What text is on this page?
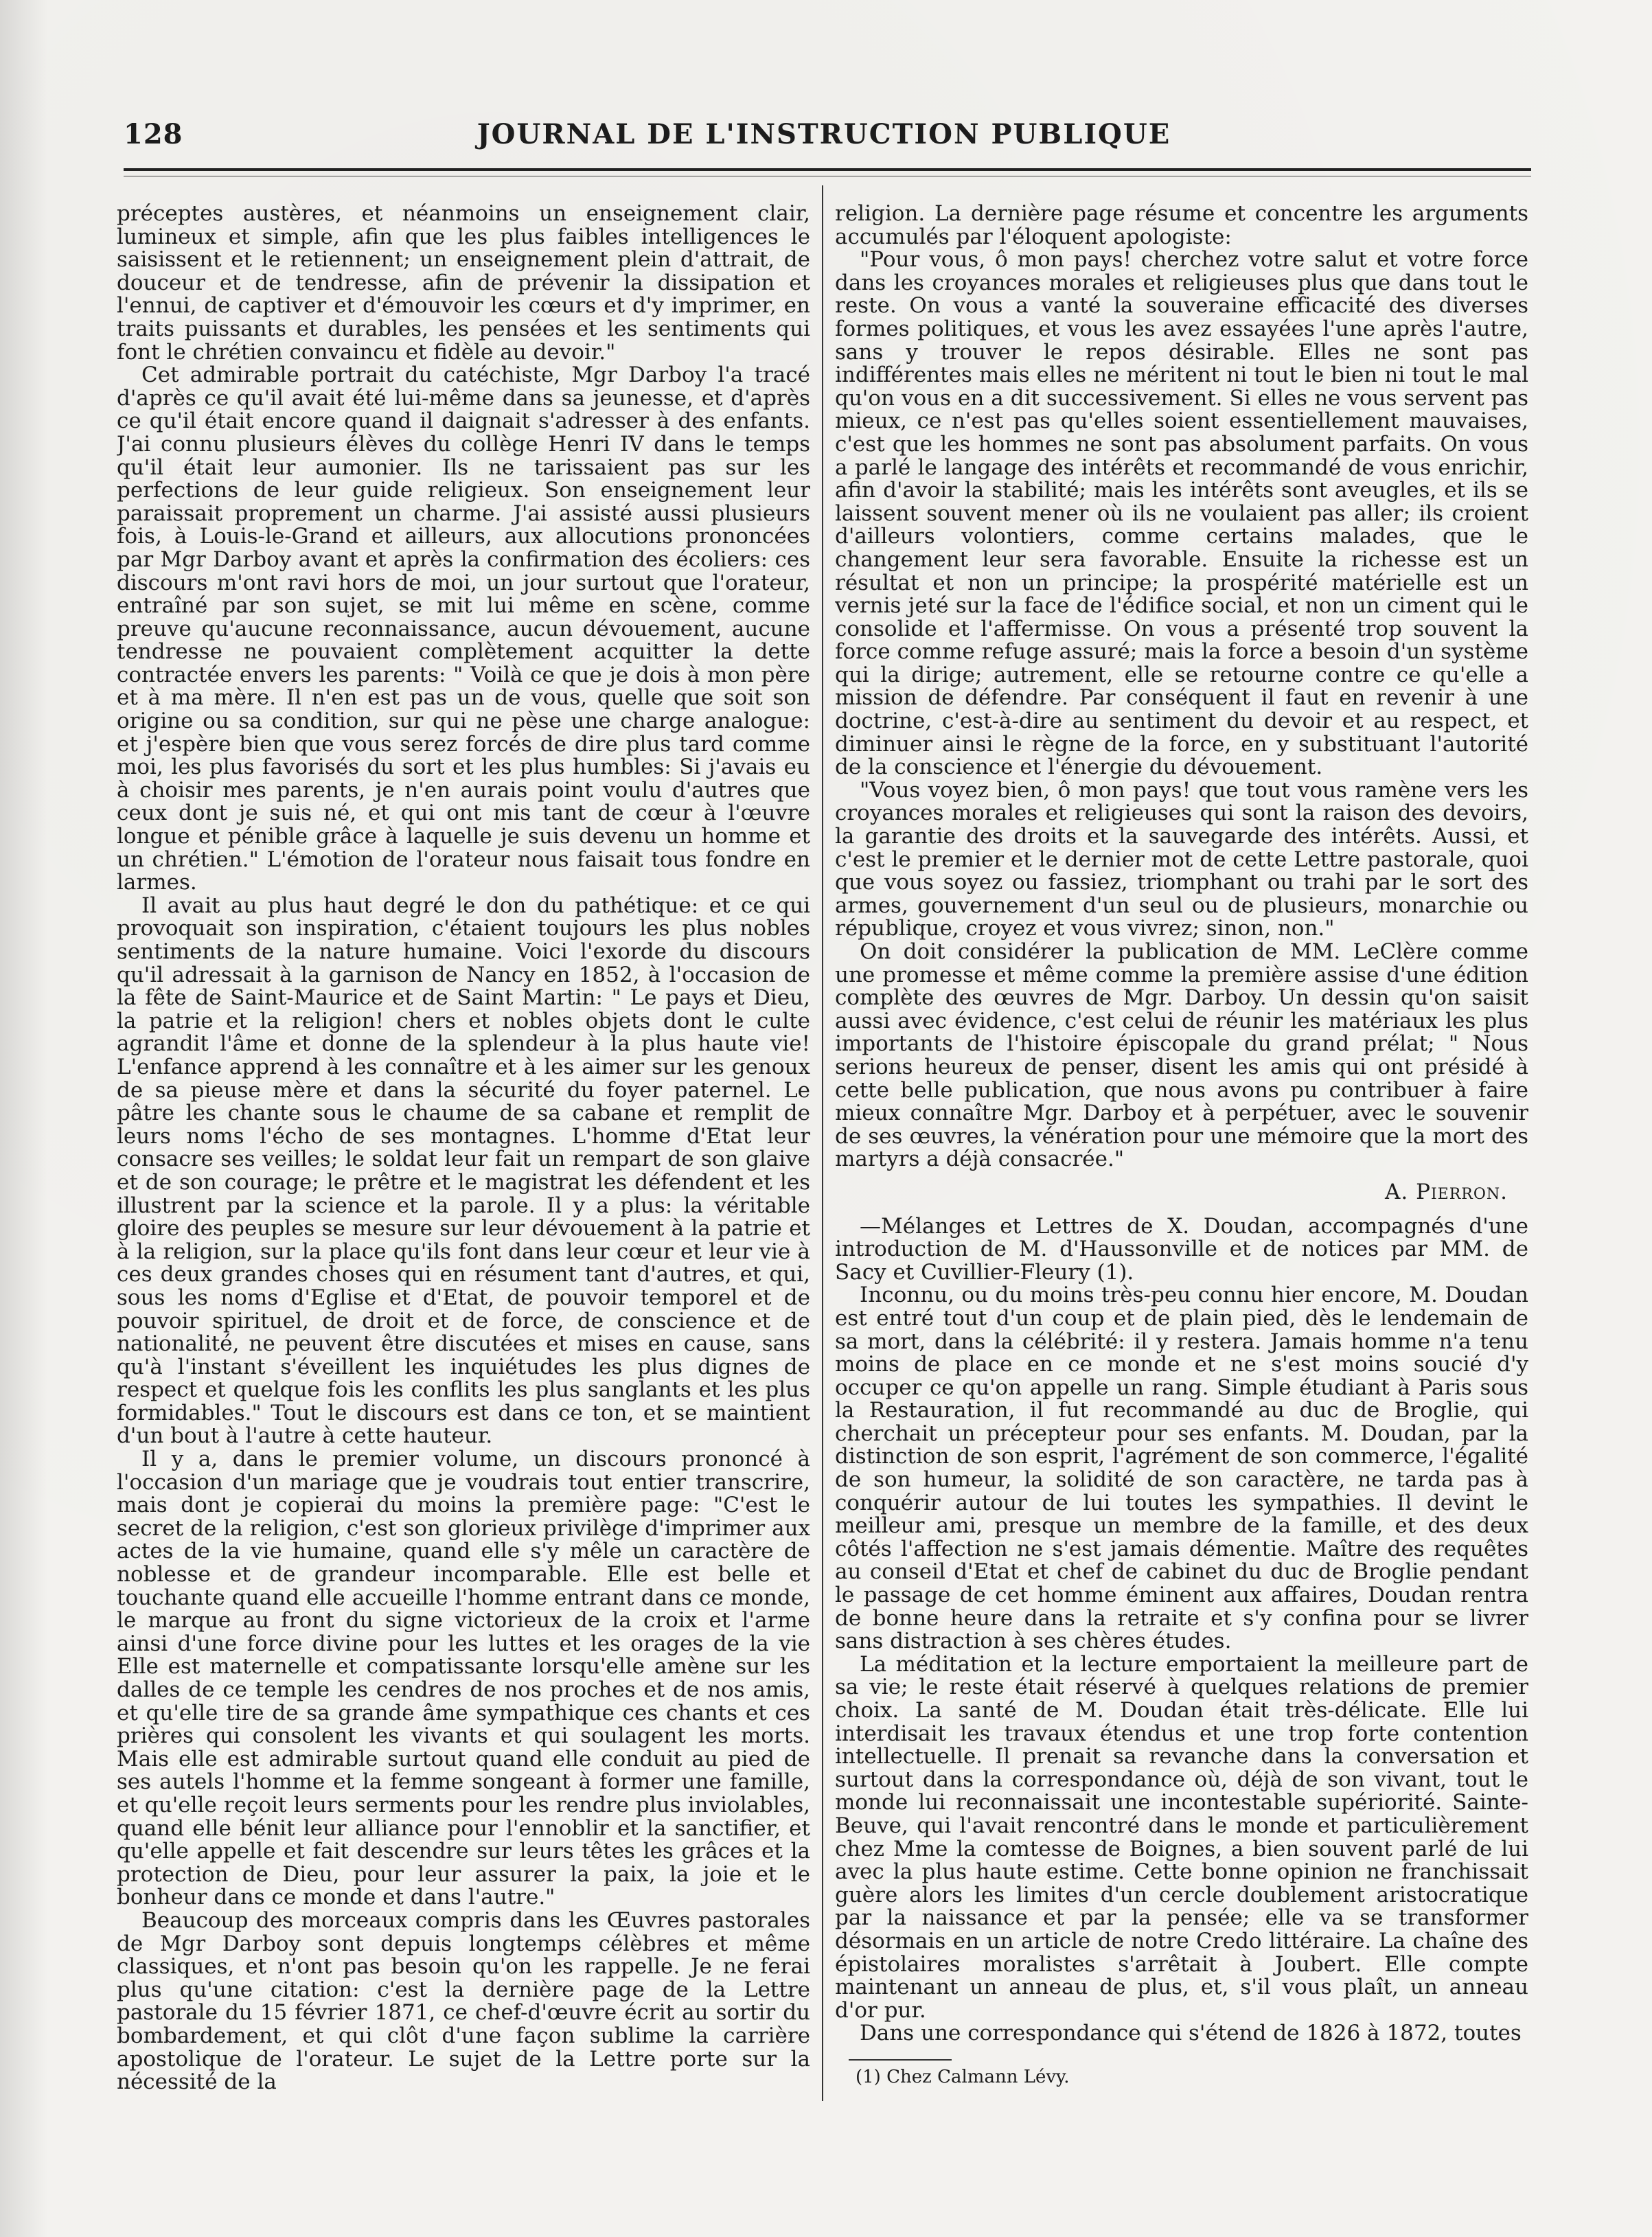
128	JOURNAL DE L'INSTRUCTION PUBLIQUE

préceptes austères, et néanmoins un enseignement clair, lumineux et simple, afin que les plus faibles intelligences le saisissent et le retiennent; un enseignement plein d'attrait, de douceur et de tendresse, afin de prévenir la dissipation et l'ennui, de captiver et d'émouvoir les cœurs et d'y imprimer, en traits puissants et durables, les pensées et les sentiments qui font le chrétien convaincu et fidèle au devoir."

Cet admirable portrait du catéchiste, Mgr Darboy l'a tracé d'après ce qu'il avait été lui-même dans sa jeunesse, et d'après ce qu'il était encore quand il daignait s'adresser à des enfants. J'ai connu plusieurs élèves du collège Henri IV dans le temps qu'il était leur aumonier. Ils ne tarissaient pas sur les perfections de leur guide religieux. Son enseignement leur paraissait proprement un charme. J'ai assisté aussi plusieurs fois, à Louis-le-Grand et ailleurs, aux allocutions prononcées par Mgr Darboy avant et après la confirmation des écoliers: ces discours m'ont ravi hors de moi, un jour surtout que l'orateur, entraîné par son sujet, se mit lui même en scène, comme preuve qu'aucune reconnaissance, aucun dévouement, aucune tendresse ne pouvaient complètement acquitter la dette contractée envers les parents: " Voilà ce que je dois à mon père et à ma mère. Il n'en est pas un de vous, quelle que soit son origine ou sa condition, sur qui ne pèse une charge analogue: et j'espère bien que vous serez forcés de dire plus tard comme moi, les plus favorisés du sort et les plus humbles: Si j'avais eu à choisir mes parents, je n'en aurais point voulu d'autres que ceux dont je suis né, et qui ont mis tant de cœur à l'œuvre longue et pénible grâce à laquelle je suis devenu un homme et un chrétien." L'émotion de l'orateur nous faisait tous fondre en larmes.

Il avait au plus haut degré le don du pathétique: et ce qui provoquait son inspiration, c'étaient toujours les plus nobles sentiments de la nature humaine. Voici l'exorde du discours qu'il adressait à la garnison de Nancy en 1852, à l'occasion de la fête de Saint-Maurice et de Saint Martin: " Le pays et Dieu, la patrie et la religion! chers et nobles objets dont le culte agrandit l'âme et donne de la splendeur à la plus haute vie! L'enfance apprend à les connaître et à les aimer sur les genoux de sa pieuse mère et dans la sécurité du foyer paternel. Le pâtre les chante sous le chaume de sa cabane et remplit de leurs noms l'écho de ses montagnes. L'homme d'Etat leur consacre ses veilles; le soldat leur fait un rempart de son glaive et de son courage; le prêtre et le magistrat les défendent et les illustrent par la science et la parole. Il y a plus: la véritable gloire des peuples se mesure sur leur dévouement à la patrie et à la religion, sur la place qu'ils font dans leur cœur et leur vie à ces deux grandes choses qui en résument tant d'autres, et qui, sous les noms d'Eglise et d'Etat, de pouvoir temporel et de pouvoir spirituel, de droit et de force, de conscience et de nationalité, ne peuvent être discutées et mises en cause, sans qu'à l'instant s'éveillent les inquiétudes les plus dignes de respect et quelque fois les conflits les plus sanglants et les plus formidables." Tout le discours est dans ce ton, et se maintient d'un bout à l'autre à cette hauteur.

Il y a, dans le premier volume, un discours prononcé à l'occasion d'un mariage que je voudrais tout entier transcrire, mais dont je copierai du moins la première page: "C'est le secret de la religion, c'est son glorieux privilège d'imprimer aux actes de la vie humaine, quand elle s'y mêle un caractère de noblesse et de grandeur incomparable. Elle est belle et touchante quand elle accueille l'homme entrant dans ce monde, le marque au front du signe victorieux de la croix et l'arme ainsi d'une force divine pour les luttes et les orages de la vie Elle est maternelle et compatissante lorsqu'elle amène sur les dalles de ce temple les cendres de nos proches et de nos amis, et qu'elle tire de sa grande âme sympathique ces chants et ces prières qui consolent les vivants et qui soulagent les morts. Mais elle est admirable surtout quand elle conduit au pied de ses autels l'homme et la femme songeant à former une famille, et qu'elle reçoit leurs serments pour les rendre plus inviolables, quand elle bénit leur alliance pour l'ennoblir et la sanctifier, et qu'elle appelle et fait descendre sur leurs têtes les grâces et la protection de Dieu, pour leur assurer la paix, la joie et le bonheur dans ce monde et dans l'autre."

Beaucoup des morceaux compris dans les Œuvres pastorales de Mgr Darboy sont depuis longtemps célèbres et même classiques, et n'ont pas besoin qu'on les rappelle. Je ne ferai plus qu'une citation: c'est la dernière page de la Lettre pastorale du 15 février 1871, ce chef-d'œuvre écrit au sortir du bombardement, et qui clôt d'une façon sublime la carrière apostolique de l'orateur. Le sujet de la Lettre porte sur la nécessité de la

religion. La dernière page résume et concentre les arguments accumulés par l'éloquent apologiste:

"Pour vous, ô mon pays! cherchez votre salut et votre force dans les croyances morales et religieuses plus que dans tout le reste. On vous a vanté la souveraine efficacité des diverses formes politiques, et vous les avez essayées l'une après l'autre, sans y trouver le repos désirable. Elles ne sont pas indifférentes mais elles ne méritent ni tout le bien ni tout le mal qu'on vous en a dit successivement. Si elles ne vous servent pas mieux, ce n'est pas qu'elles soient essentiellement mauvaises, c'est que les hommes ne sont pas absolument parfaits. On vous a parlé le langage des intérêts et recommandé de vous enrichir, afin d'avoir la stabilité; mais les intérêts sont aveugles, et ils se laissent souvent mener où ils ne voulaient pas aller; ils croient d'ailleurs volontiers, comme certains malades, que le changement leur sera favorable. Ensuite la richesse est un résultat et non un principe; la prospérité matérielle est un vernis jeté sur la face de l'édifice social, et non un ciment qui le consolide et l'affermisse. On vous a présenté trop souvent la force comme refuge assuré; mais la force a besoin d'un système qui la dirige; autrement, elle se retourne contre ce qu'elle a mission de défendre. Par conséquent il faut en revenir à une doctrine, c'est-à-dire au sentiment du devoir et au respect, et diminuer ainsi le règne de la force, en y substituant l'autorité de la conscience et l'énergie du dévouement.

"Vous voyez bien, ô mon pays! que tout vous ramène vers les croyances morales et religieuses qui sont la raison des devoirs, la garantie des droits et la sauvegarde des intérêts. Aussi, et c'est le premier et le dernier mot de cette Lettre pastorale, quoi que vous soyez ou fassiez, triomphant ou trahi par le sort des armes, gouvernement d'un seul ou de plusieurs, monarchie ou république, croyez et vous vivrez; sinon, non."

On doit considérer la publication de MM. LeClère comme une promesse et même comme la première assise d'une édition complète des œuvres de Mgr. Darboy. Un dessin qu'on saisit aussi avec évidence, c'est celui de réunir les matériaux les plus importants de l'histoire épiscopale du grand prélat; " Nous serions heureux de penser, disent les amis qui ont présidé à cette belle publication, que nous avons pu contribuer à faire mieux connaître Mgr. Darboy et à perpétuer, avec le souvenir de ses œuvres, la vénération pour une mémoire que la mort des martyrs a déjà consacrée."

A. Pierron.

—Mélanges et Lettres de X. Doudan, accompagnés d'une introduction de M. d'Haussonville et de notices par MM. de Sacy et Cuvillier-Fleury (1).

Inconnu, ou du moins très-peu connu hier encore, M. Doudan est entré tout d'un coup et de plain pied, dès le lendemain de sa mort, dans la célébrité: il y restera. Jamais homme n'a tenu moins de place en ce monde et ne s'est moins soucié d'y occuper ce qu'on appelle un rang. Simple étudiant à Paris sous la Restauration, il fut recommandé au duc de Broglie, qui cherchait un précepteur pour ses enfants. M. Doudan, par la distinction de son esprit, l'agrément de son commerce, l'égalité de son humeur, la solidité de son caractère, ne tarda pas à conquérir autour de lui toutes les sympathies. Il devint le meilleur ami, presque un membre de la famille, et des deux côtés l'affection ne s'est jamais démentie. Maître des requêtes au conseil d'Etat et chef de cabinet du duc de Broglie pendant le passage de cet homme éminent aux affaires, Doudan rentra de bonne heure dans la retraite et s'y confina pour se livrer sans distraction à ses chères études.

La méditation et la lecture emportaient la meilleure part de sa vie; le reste était réservé à quelques relations de premier choix. La santé de M. Doudan était très-délicate. Elle lui interdisait les travaux étendus et une trop forte contention intellectuelle. Il prenait sa revanche dans la conversation et surtout dans la correspondance où, déjà de son vivant, tout le monde lui reconnaissait une incontestable supériorité. Sainte-Beuve, qui l'avait rencontré dans le monde et particulièrement chez Mme la comtesse de Boignes, a bien souvent parlé de lui avec la plus haute estime. Cette bonne opinion ne franchissait guère alors les limites d'un cercle doublement aristocratique par la naissance et par la pensée; elle va se transformer désormais en un article de notre Credo littéraire. La chaîne des épistolaires moralistes s'arrêtait à Joubert. Elle compte maintenant un anneau de plus, et, s'il vous plaît, un anneau d'or pur.

Dans une correspondance qui s'étend de 1826 à 1872, toutes

(1) Chez Calmann Lévy.
